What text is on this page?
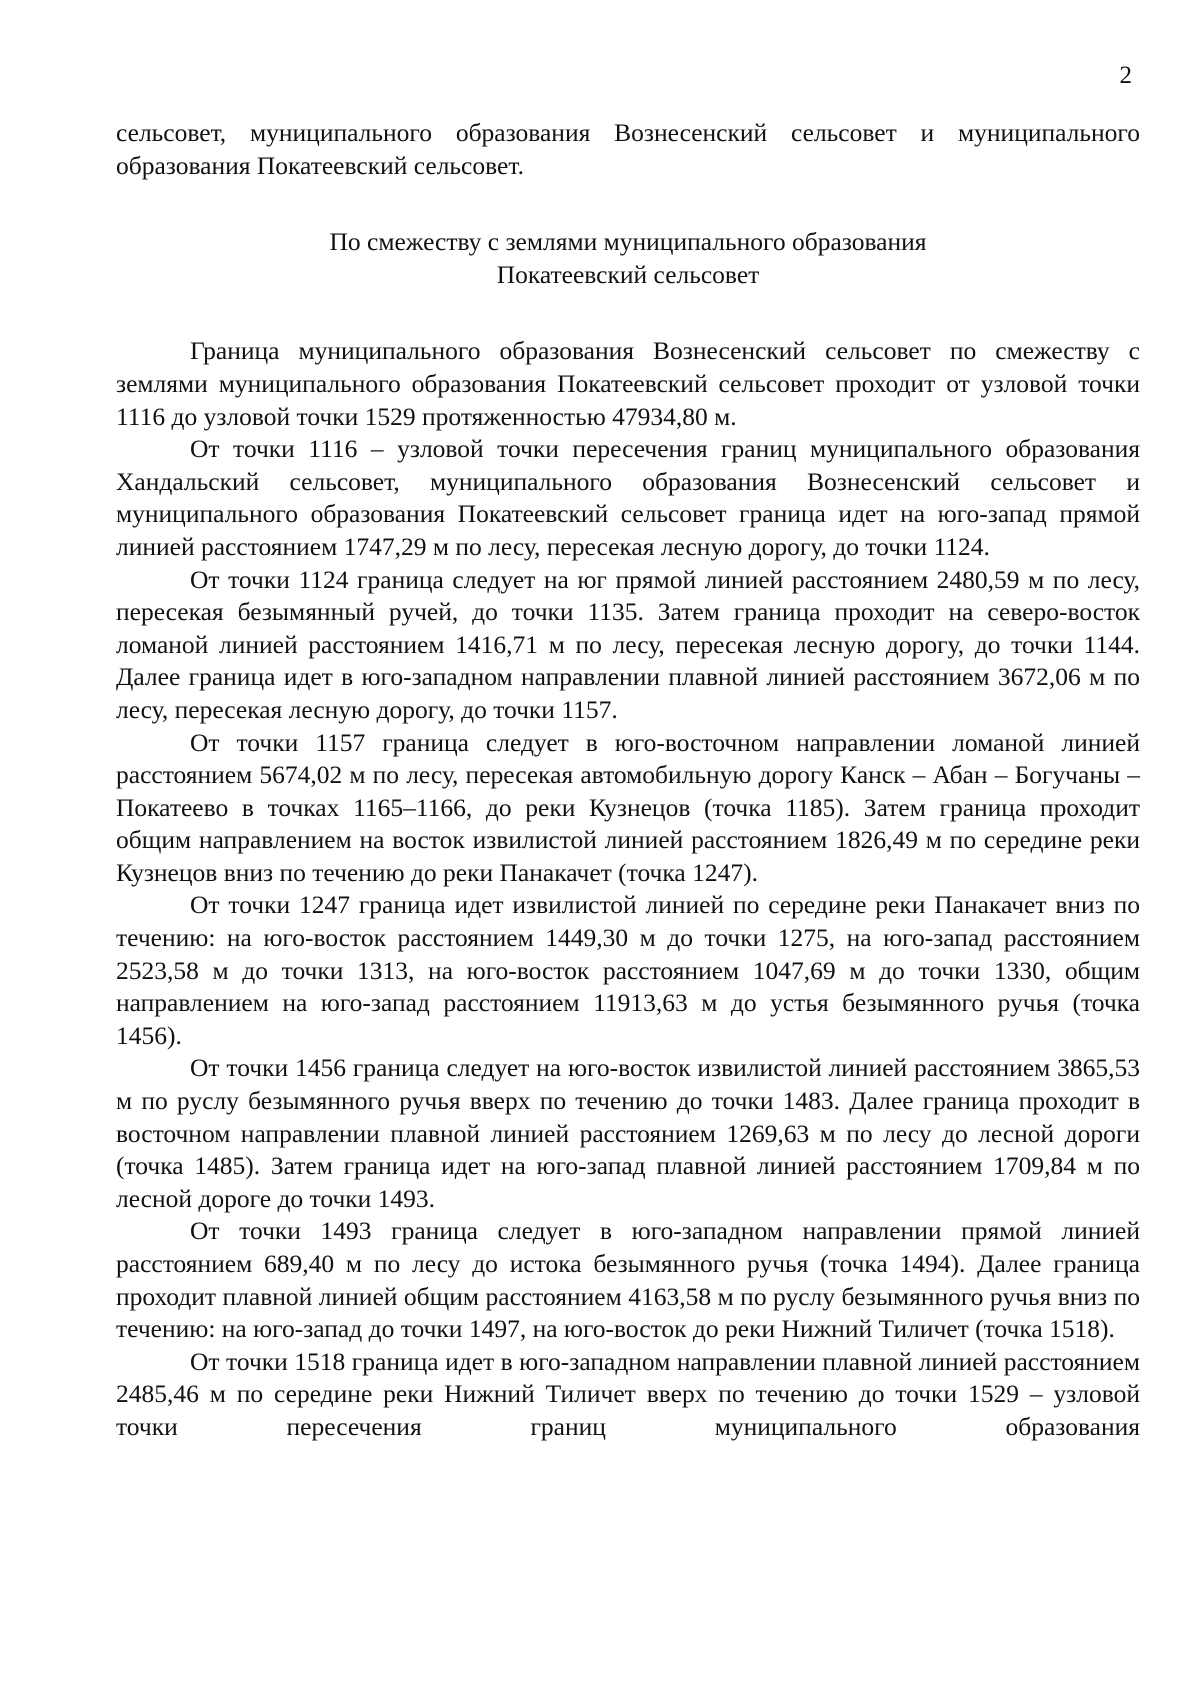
2

сельсовет, муниципального образования Вознесенский сельсовет и муниципального образования Покатеевский сельсовет.

По смежеству с землями муниципального образования
Покатеевский сельсовет

Граница муниципального образования Вознесенский сельсовет по смежеству с землями муниципального образования Покатеевский сельсовет проходит от узловой точки 1116 до узловой точки 1529 протяженностью 47934,80 м.

От точки 1116 – узловой точки пересечения границ муниципального образования Хандальский сельсовет, муниципального образования Вознесенский сельсовет и муниципального образования Покатеевский сельсовет граница идет на юго-запад прямой линией расстоянием 1747,29 м по лесу, пересекая лесную дорогу, до точки 1124.

От точки 1124 граница следует на юг прямой линией расстоянием 2480,59 м по лесу, пересекая безымянный ручей, до точки 1135. Затем граница проходит на северо-восток ломаной линией расстоянием 1416,71 м по лесу, пересекая лесную дорогу, до точки 1144. Далее граница идет в юго-западном направлении плавной линией расстоянием 3672,06 м по лесу, пересекая лесную дорогу, до точки 1157.

От точки 1157 граница следует в юго-восточном направлении ломаной линией расстоянием 5674,02 м по лесу, пересекая автомобильную дорогу Канск – Абан – Богучаны – Покатеево в точках 1165–1166, до реки Кузнецов (точка 1185). Затем граница проходит общим направлением на восток извилистой линией расстоянием 1826,49 м по середине реки Кузнецов вниз по течению до реки Панакачет (точка 1247).

От точки 1247 граница идет извилистой линией по середине реки Панакачет вниз по течению: на юго-восток расстоянием 1449,30 м до точки 1275, на юго-запад расстоянием 2523,58 м до точки 1313, на юго-восток расстоянием 1047,69 м до точки 1330, общим направлением на юго-запад расстоянием 11913,63 м до устья безымянного ручья (точка 1456).

От точки 1456 граница следует на юго-восток извилистой линией расстоянием 3865,53 м по руслу безымянного ручья вверх по течению до точки 1483. Далее граница проходит в восточном направлении плавной линией расстоянием 1269,63 м по лесу до лесной дороги (точка 1485). Затем граница идет на юго-запад плавной линией расстоянием 1709,84 м по лесной дороге до точки 1493.

От точки 1493 граница следует в юго-западном направлении прямой линией расстоянием 689,40 м по лесу до истока безымянного ручья (точка 1494). Далее граница проходит плавной линией общим расстоянием 4163,58 м по руслу безымянного ручья вниз по течению: на юго-запад до точки 1497, на юго-восток до реки Нижний Тиличет (точка 1518).

От точки 1518 граница идет в юго-западном направлении плавной линией расстоянием 2485,46 м по середине реки Нижний Тиличет вверх по течению до точки 1529 – узловой точки пересечения границ муниципального образования
